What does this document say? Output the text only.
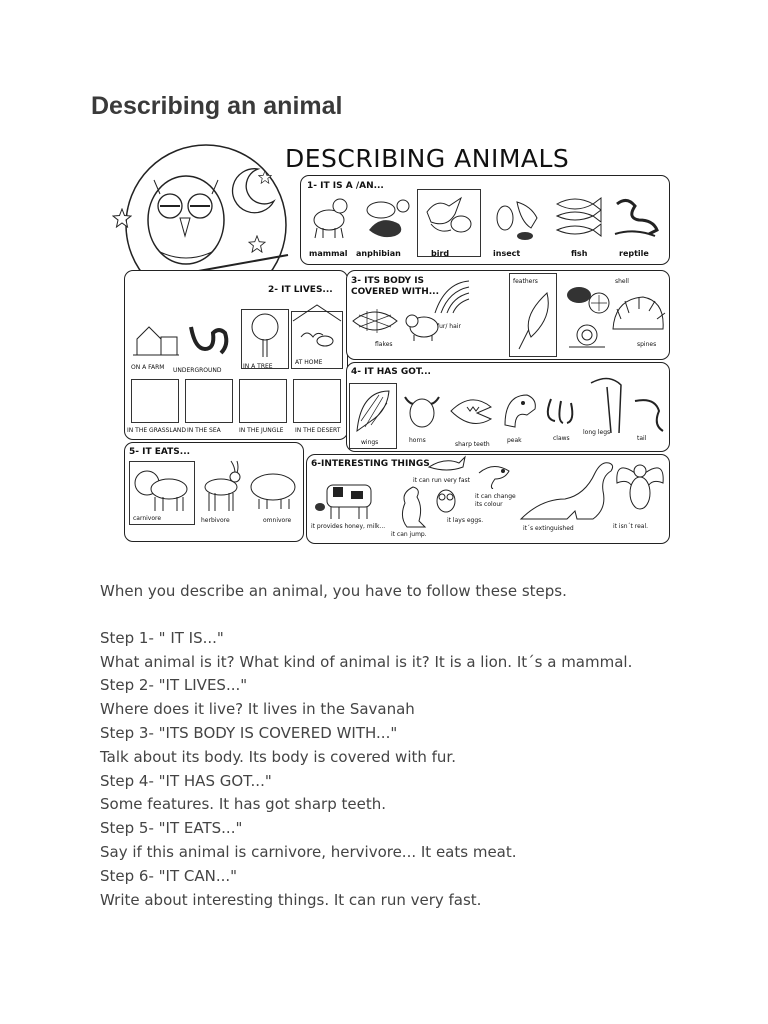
Describing an animal
DESCRIBING ANIMALS
1- IT IS A /AN...
mammal anphibian	bird	insect	fish	reptile
2- IT LIVES...
ON A FARM UNDERGROUND
IN A TREE
AT HOME
IN THE GRASSLAND IN THE SEA	IN THE JUNGLE IN THE DESERT
3- ITS BODY IS
COVERED WITH...
flakes
fur/ hair
feathers	shell
spines
4- IT HAS GOT...
wings	horns
sharp teeth
peak	claws
long legs
tail
5- IT EATS...
carnivore	herbivore	omnivore
6-INTERESTING THINGS
it can run very fast
it provides honey, milk...
it can jump.
it lays eggs.
it can change
its colour
it´s extinguished	it isn´t real.

When you describe an animal, you have to follow these steps.

Step 1- " IT IS..."

What animal is it? What kind of animal is it? It is a lion. It´s a mammal.

Step 2- "IT LIVES..."

Where does it live? It lives in the Savanah

Step 3- "ITS BODY IS COVERED WITH..."

Talk about its body. Its body is covered with fur.

Step 4- "IT HAS GOT..."

Some features. It has got sharp teeth.

Step 5- "IT EATS..."

Say if this animal is carnivore, hervivore... It eats meat.

Step 6- "IT CAN..."

Write about interesting things. It can run very fast.
